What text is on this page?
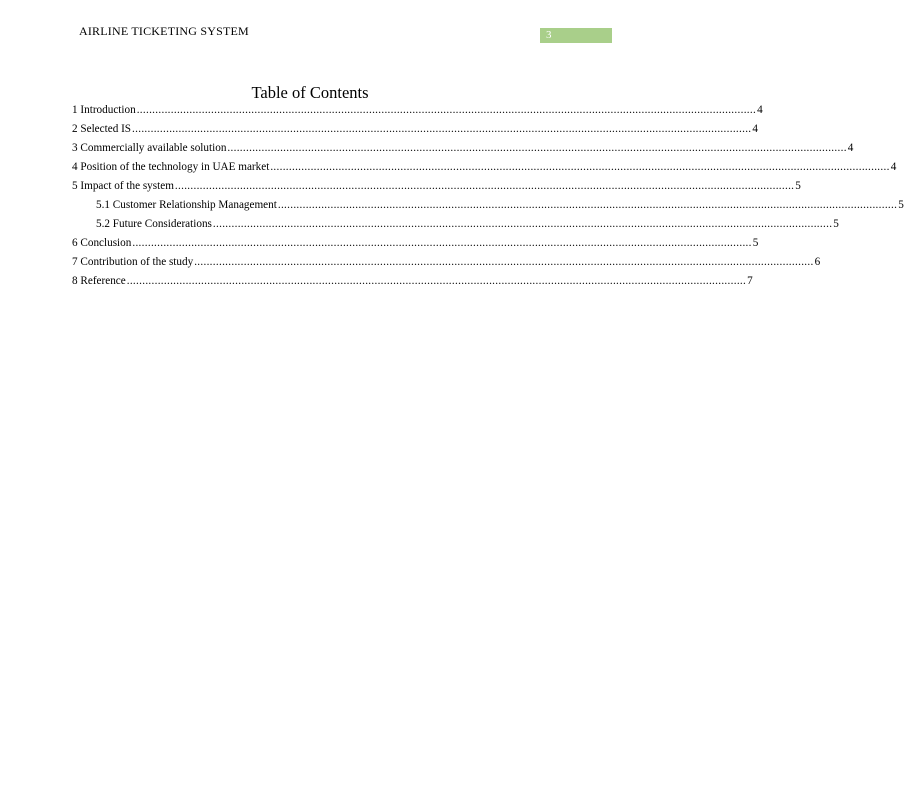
AIRLINE TICKETING SYSTEM	3
Table of Contents
1 Introduction ........................................................................................................................................................................................................ 4
2 Selected IS ........................................................................................................................................................................................................ 4
3 Commercially available solution ........................................................................................................................................................................................................ 4
4 Position of the technology in UAE market ........................................................................................................................................................................................................ 4
5 Impact of the system ........................................................................................................................................................................................................ 5
5.1 Customer Relationship Management ........................................................................................................................................................................................................ 5
5.2 Future Considerations ........................................................................................................................................................................................................ 5
6 Conclusion ........................................................................................................................................................................................................ 5
7 Contribution of the study ........................................................................................................................................................................................................ 6
8 Reference ........................................................................................................................................................................................................ 7
